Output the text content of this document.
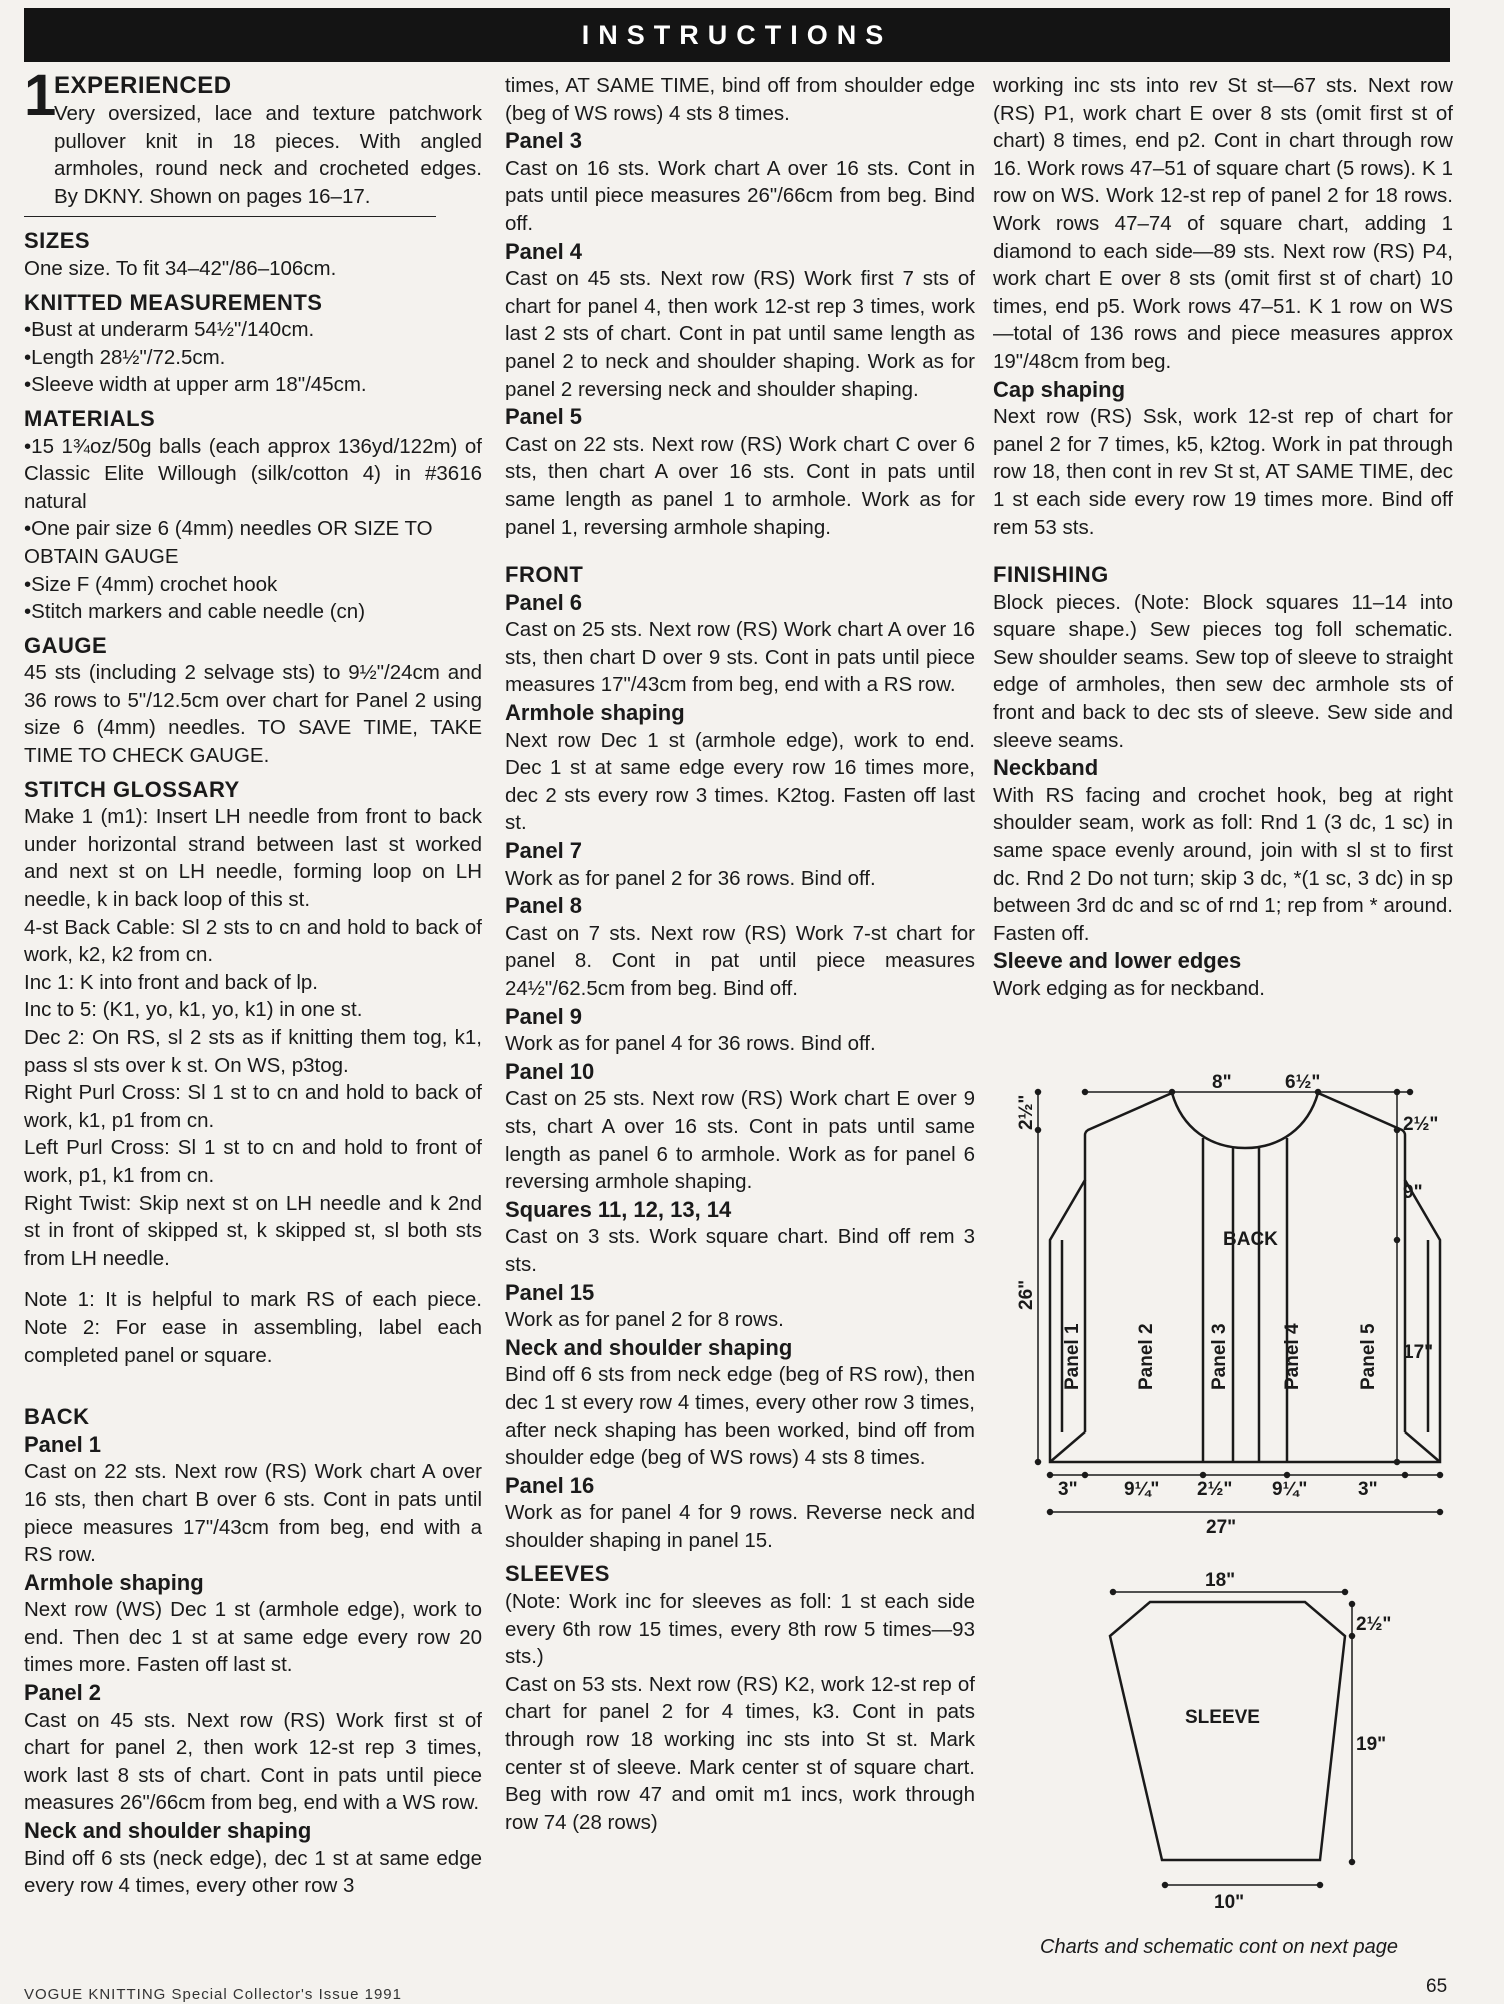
INSTRUCTIONS
1
EXPERIENCED

Very oversized, lace and texture patchwork pullover knit in 18 pieces. With angled armholes, round neck and crocheted edges. By DKNY. Shown on pages 16–17.

SIZES

One size. To fit 34–42"/86–106cm.

KNITTED MEASUREMENTS

•Bust at underarm 54½"/140cm.

•Length 28½"/72.5cm.

•Sleeve width at upper arm 18"/45cm.

MATERIALS

•15 1¾oz/50g balls (each approx 136yd/122m) of Classic Elite Willough (silk/cotton 4) in #3616 natural

•One pair size 6 (4mm) needles OR SIZE TO OBTAIN GAUGE

•Size F (4mm) crochet hook

•Stitch markers and cable needle (cn)

GAUGE

45 sts (including 2 selvage sts) to 9½"/24cm and 36 rows to 5"/12.5cm over chart for Panel 2 using size 6 (4mm) needles. TO SAVE TIME, TAKE TIME TO CHECK GAUGE.

STITCH GLOSSARY

Make 1 (m1): Insert LH needle from front to back under horizontal strand between last st worked and next st on LH needle, forming loop on LH needle, k in back loop of this st.

4-st Back Cable: Sl 2 sts to cn and hold to back of work, k2, k2 from cn.

Inc 1: K into front and back of lp.

Inc to 5: (K1, yo, k1, yo, k1) in one st.

Dec 2: On RS, sl 2 sts as if knitting them tog, k1, pass sl sts over k st. On WS, p3tog.

Right Purl Cross: Sl 1 st to cn and hold to back of work, k1, p1 from cn.

Left Purl Cross: Sl 1 st to cn and hold to front of work, p1, k1 from cn.

Right Twist: Skip next st on LH needle and k 2nd st in front of skipped st, k skipped st, sl both sts from LH needle.

Note 1: It is helpful to mark RS of each piece. Note 2: For ease in assembling, label each completed panel or square.

BACK
Panel 1

Cast on 22 sts. Next row (RS) Work chart A over 16 sts, then chart B over 6 sts. Cont in pats until piece measures 17"/43cm from beg, end with a RS row.

Armhole shaping

Next row (WS) Dec 1 st (armhole edge), work to end. Then dec 1 st at same edge every row 20 times more. Fasten off last st.

Panel 2

Cast on 45 sts. Next row (RS) Work first st of chart for panel 2, then work 12-st rep 3 times, work last 8 sts of chart. Cont in pats until piece measures 26"/66cm from beg, end with a WS row.

Neck and shoulder shaping

Bind off 6 sts (neck edge), dec 1 st at same edge every row 4 times, every other row 3

times, AT SAME TIME, bind off from shoulder edge (beg of WS rows) 4 sts 8 times.

Panel 3

Cast on 16 sts. Work chart A over 16 sts. Cont in pats until piece measures 26"/66cm from beg. Bind off.

Panel 4

Cast on 45 sts. Next row (RS) Work first 7 sts of chart for panel 4, then work 12-st rep 3 times, work last 2 sts of chart. Cont in pat until same length as panel 2 to neck and shoulder shaping. Work as for panel 2 reversing neck and shoulder shaping.

Panel 5

Cast on 22 sts. Next row (RS) Work chart C over 6 sts, then chart A over 16 sts. Cont in pats until same length as panel 1 to armhole. Work as for panel 1, reversing armhole shaping.

FRONT
Panel 6

Cast on 25 sts. Next row (RS) Work chart A over 16 sts, then chart D over 9 sts. Cont in pats until piece measures 17"/43cm from beg, end with a RS row.

Armhole shaping

Next row Dec 1 st (armhole edge), work to end. Dec 1 st at same edge every row 16 times more, dec 2 sts every row 3 times. K2tog. Fasten off last st.

Panel 7

Work as for panel 2 for 36 rows. Bind off.

Panel 8

Cast on 7 sts. Next row (RS) Work 7-st chart for panel 8. Cont in pat until piece measures 24½"/62.5cm from beg. Bind off.

Panel 9

Work as for panel 4 for 36 rows. Bind off.

Panel 10

Cast on 25 sts. Next row (RS) Work chart E over 9 sts, chart A over 16 sts. Cont in pats until same length as panel 6 to armhole. Work as for panel 6 reversing armhole shaping.

Squares 11, 12, 13, 14

Cast on 3 sts. Work square chart. Bind off rem 3 sts.

Panel 15

Work as for panel 2 for 8 rows.

Neck and shoulder shaping

Bind off 6 sts from neck edge (beg of RS row), then dec 1 st every row 4 times, every other row 3 times, after neck shaping has been worked, bind off from shoulder edge (beg of WS rows) 4 sts 8 times.

Panel 16

Work as for panel 4 for 9 rows. Reverse neck and shoulder shaping in panel 15.

SLEEVES

(Note: Work inc for sleeves as foll: 1 st each side every 6th row 15 times, every 8th row 5 times—93 sts.)

Cast on 53 sts. Next row (RS) K2, work 12-st rep of chart for panel 2 for 4 times, k3. Cont in pats through row 18 working inc sts into St st. Mark center st of sleeve. Mark center st of square chart. Beg with row 47 and omit m1 incs, work through row 74 (28 rows)

working inc sts into rev St st—67 sts. Next row (RS) P1, work chart E over 8 sts (omit first st of chart) 8 times, end p2. Cont in chart through row 16. Work rows 47–51 of square chart (5 rows). K 1 row on WS. Work 12-st rep of panel 2 for 18 rows. Work rows 47–74 of square chart, adding 1 diamond to each side—89 sts. Next row (RS) P4, work chart E over 8 sts (omit first st of chart) 10 times, end p5. Work rows 47–51. K 1 row on WS—total of 136 rows and piece measures approx 19"/48cm from beg.

Cap shaping

Next row (RS) Ssk, work 12-st rep of chart for panel 2 for 7 times, k5, k2tog. Work in pat through row 18, then cont in rev St st, AT SAME TIME, dec 1 st each side every row 19 times more. Bind off rem 53 sts.

FINISHING

Block pieces. (Note: Block squares 11–14 into square shape.) Sew pieces tog foll schematic. Sew shoulder seams. Sew top of sleeve to straight edge of armholes, then sew dec armhole sts of front and back to dec sts of sleeve. Sew side and sleeve seams.

Neckband

With RS facing and crochet hook, beg at right shoulder seam, work as foll: Rnd 1 (3 dc, 1 sc) in same space evenly around, join with sl st to first dc. Rnd 2 Do not turn; skip 3 dc, *(1 sc, 3 dc) in sp between 3rd dc and sc of rnd 1; rep from * around. Fasten off.

Sleeve and lower edges

Work edging as for neckband.

8"	6½"
2½"	2½"
9"
26"
17"
BACK
Panel 1	Panel 2	Panel 3	Panel 4	Panel 5
3" 9¼" 2½" 9¼"	3"
27"
18"
2½"
19"
SLEEVE
10"
Charts and schematic cont on next page
VOGUE KNITTING Special Collector's Issue 1991	65
